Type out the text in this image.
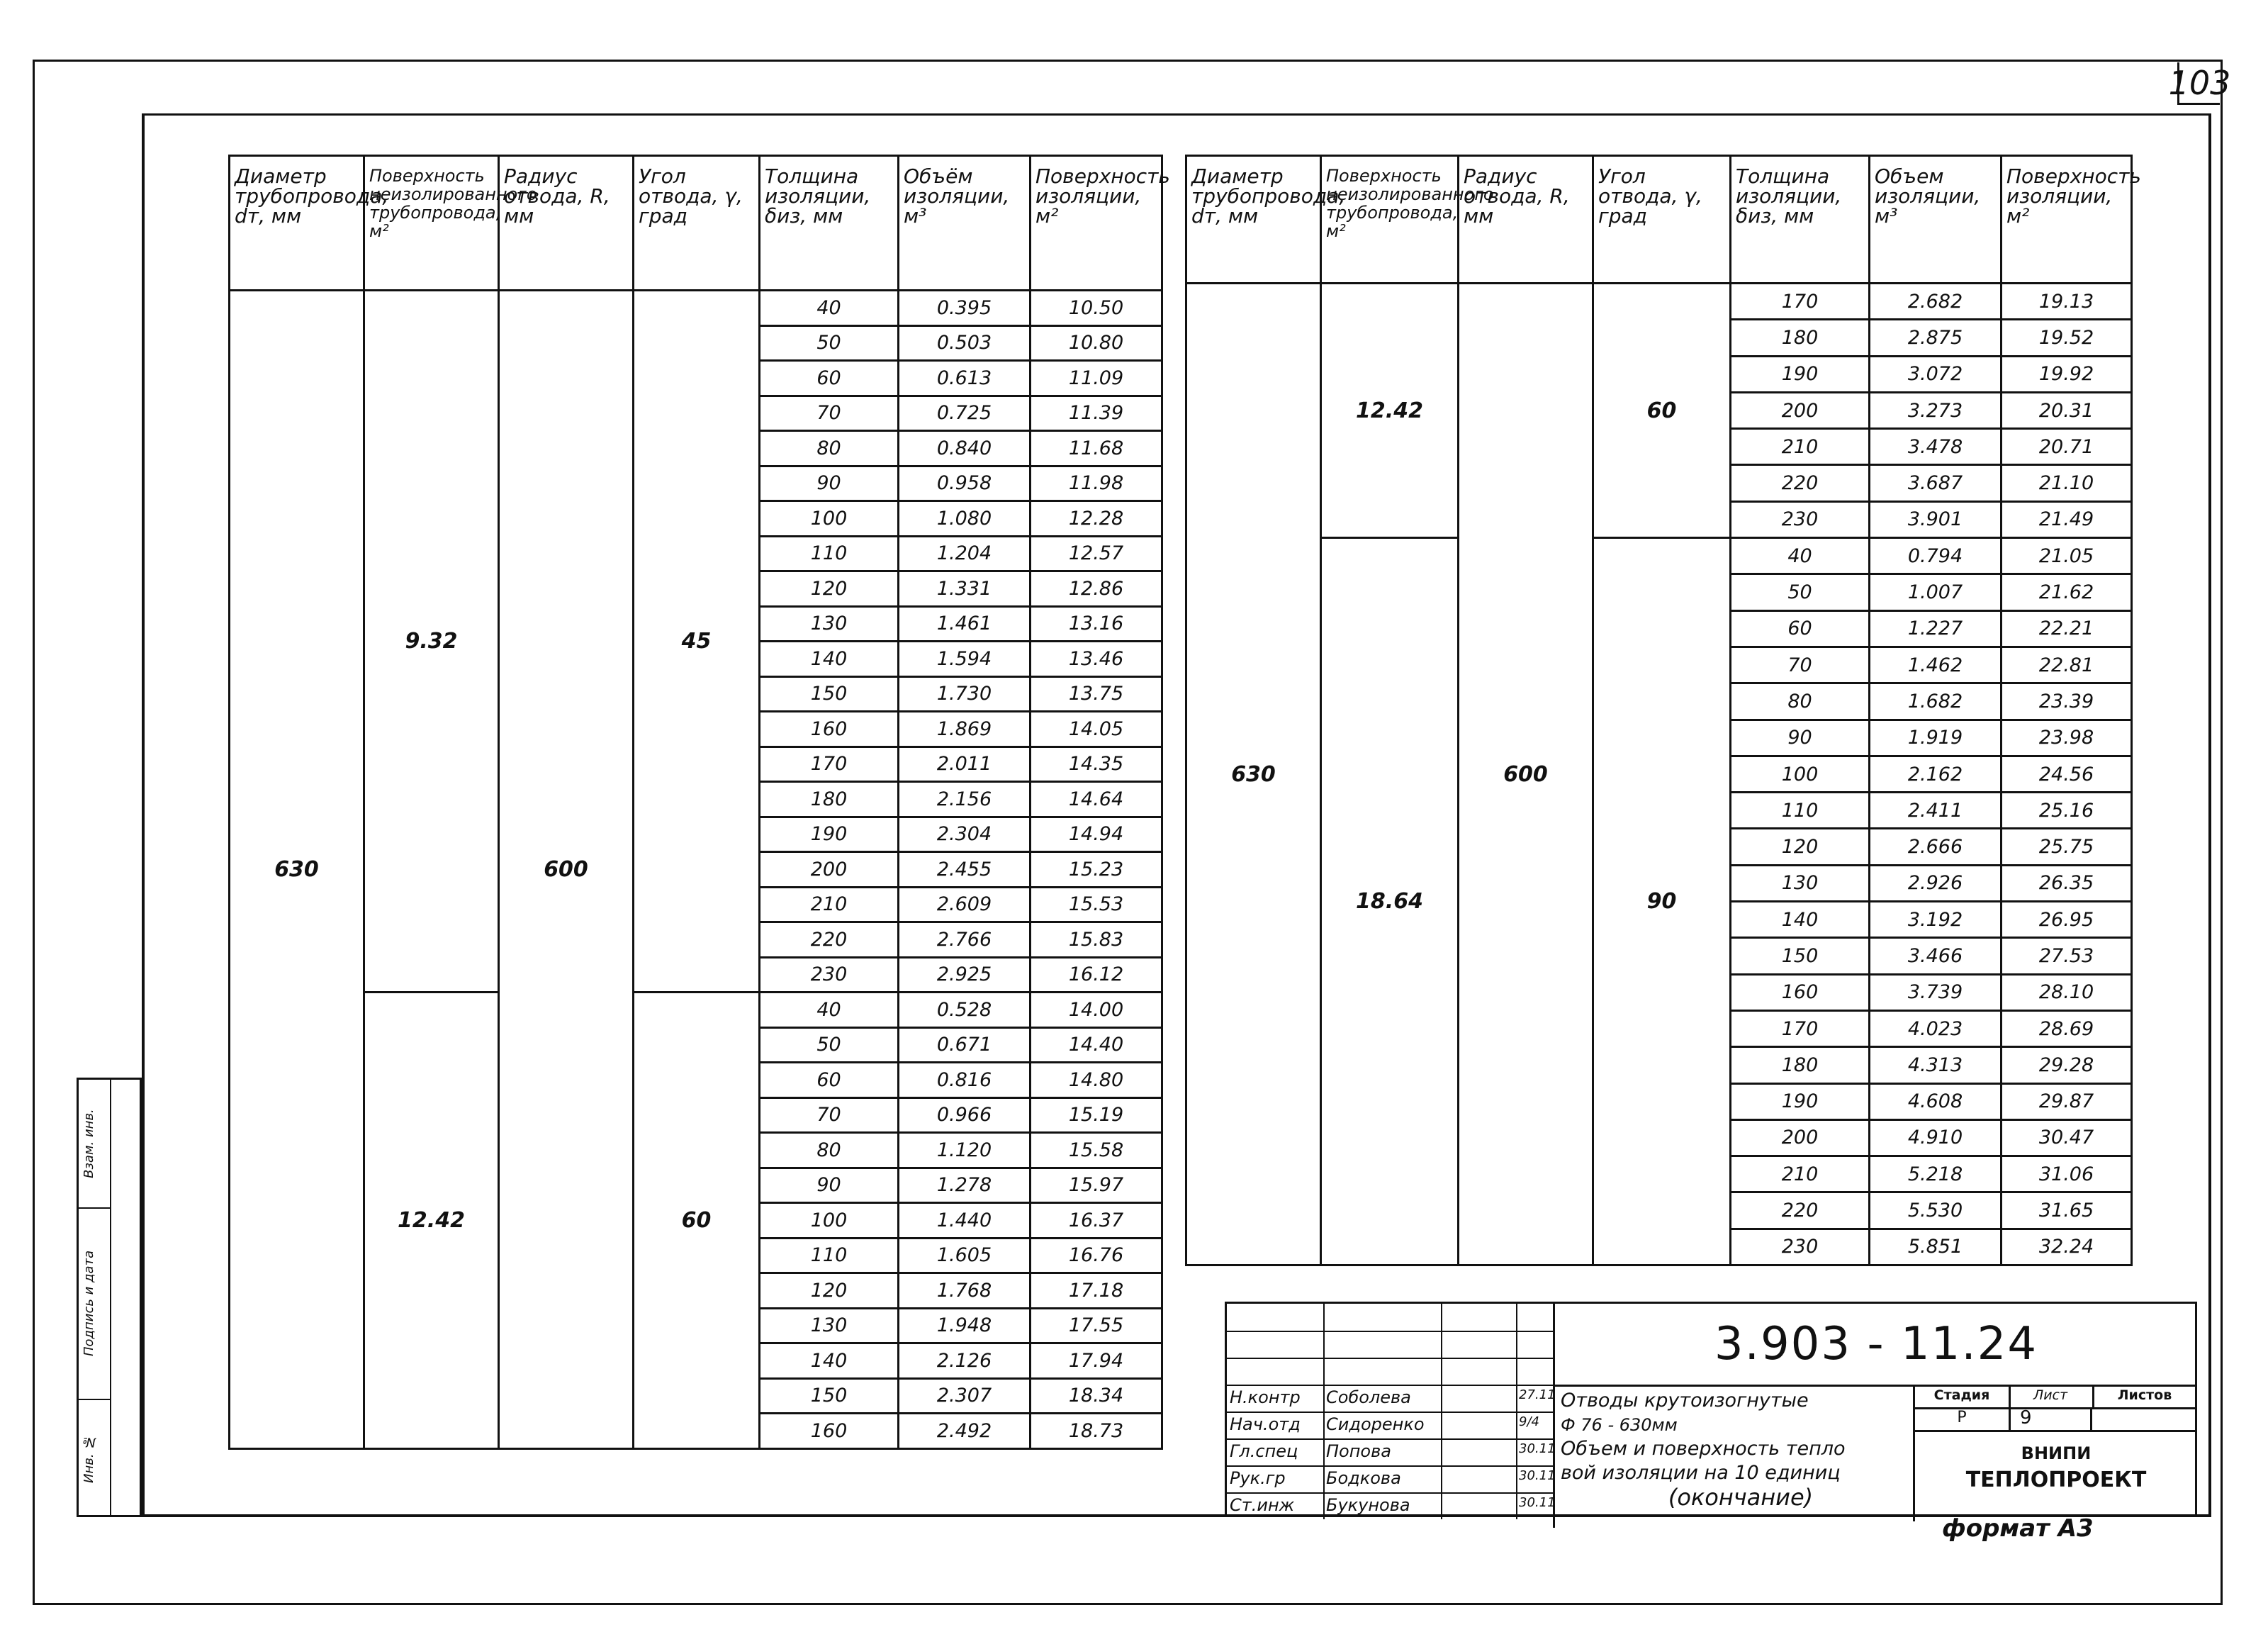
103
Взам. инв.
Подпись и дата
Инв. №
Диаметр трубопровода, dт, мм	Поверхность неизолированного трубопровода, м²	Радиус отвода, R, мм	Угол отвода, γ, град	Толщина изоляции, δиз, мм	Объём изоляции, м³	Поверхность изоляции, м²
630	9.32	600	45	40	0.395	10.50
				50	0.503	10.80
				60	0.613	11.09
				70	0.725	11.39
				80	0.840	11.68
				90	0.958	11.98
				100	1.080	12.28
				110	1.204	12.57
				120	1.331	12.86
				130	1.461	13.16
				140	1.594	13.46
				150	1.730	13.75
				160	1.869	14.05
				170	2.011	14.35
				180	2.156	14.64
				190	2.304	14.94
				200	2.455	15.23
				210	2.609	15.53
				220	2.766	15.83
				230	2.925	16.12
	12.42		60	40	0.528	14.00
				50	0.671	14.40
				60	0.816	14.80
				70	0.966	15.19
				80	1.120	15.58
				90	1.278	15.97
				100	1.440	16.37
				110	1.605	16.76
				120	1.768	17.18
				130	1.948	17.55
				140	2.126	17.94
				150	2.307	18.34
				160	2.492	18.73
Диаметр трубопровода, dт, мм	Поверхность неизолированного трубопровода, м²	Радиус отвода, R, мм	Угол отвода, γ, град	Толщина изоляции, δиз, мм	Объем изоляции, м³	Поверхность изоляции, м²
630	12.42	600	60	170	2.682	19.13
				180	2.875	19.52
				190	3.072	19.92
				200	3.273	20.31
				210	3.478	20.71
				220	3.687	21.10
				230	3.901	21.49
	18.64		90	40	0.794	21.05
				50	1.007	21.62
				60	1.227	22.21
				70	1.462	22.81
				80	1.682	23.39
				90	1.919	23.98
				100	2.162	24.56
				110	2.411	25.16
				120	2.666	25.75
				130	2.926	26.35
				140	3.192	26.95
				150	3.466	27.53
				160	3.739	28.10
				170	4.023	28.69
				180	4.313	29.28
				190	4.608	29.87
				200	4.910	30.47
				210	5.218	31.06
				220	5.530	31.65
				230	5.851	32.24
Н.контр	Соболева	27.11
Нач.отд	Сидоренко	9/4
Гл.спец	Попова	30.11
Рук.гр	Бодкова	30.11
Ст.инж	Букунова	30.11
3.903 - 11.24
Отводы крутоизогнутые
Ф 76 - 630мм
Объем и поверхность тепло
вой изоляции на 10 единиц
(окончание)
Стадия	Лист	Листов
Р	9
ВНИПИ
ТЕПЛОПРОЕКТ
формат А3
